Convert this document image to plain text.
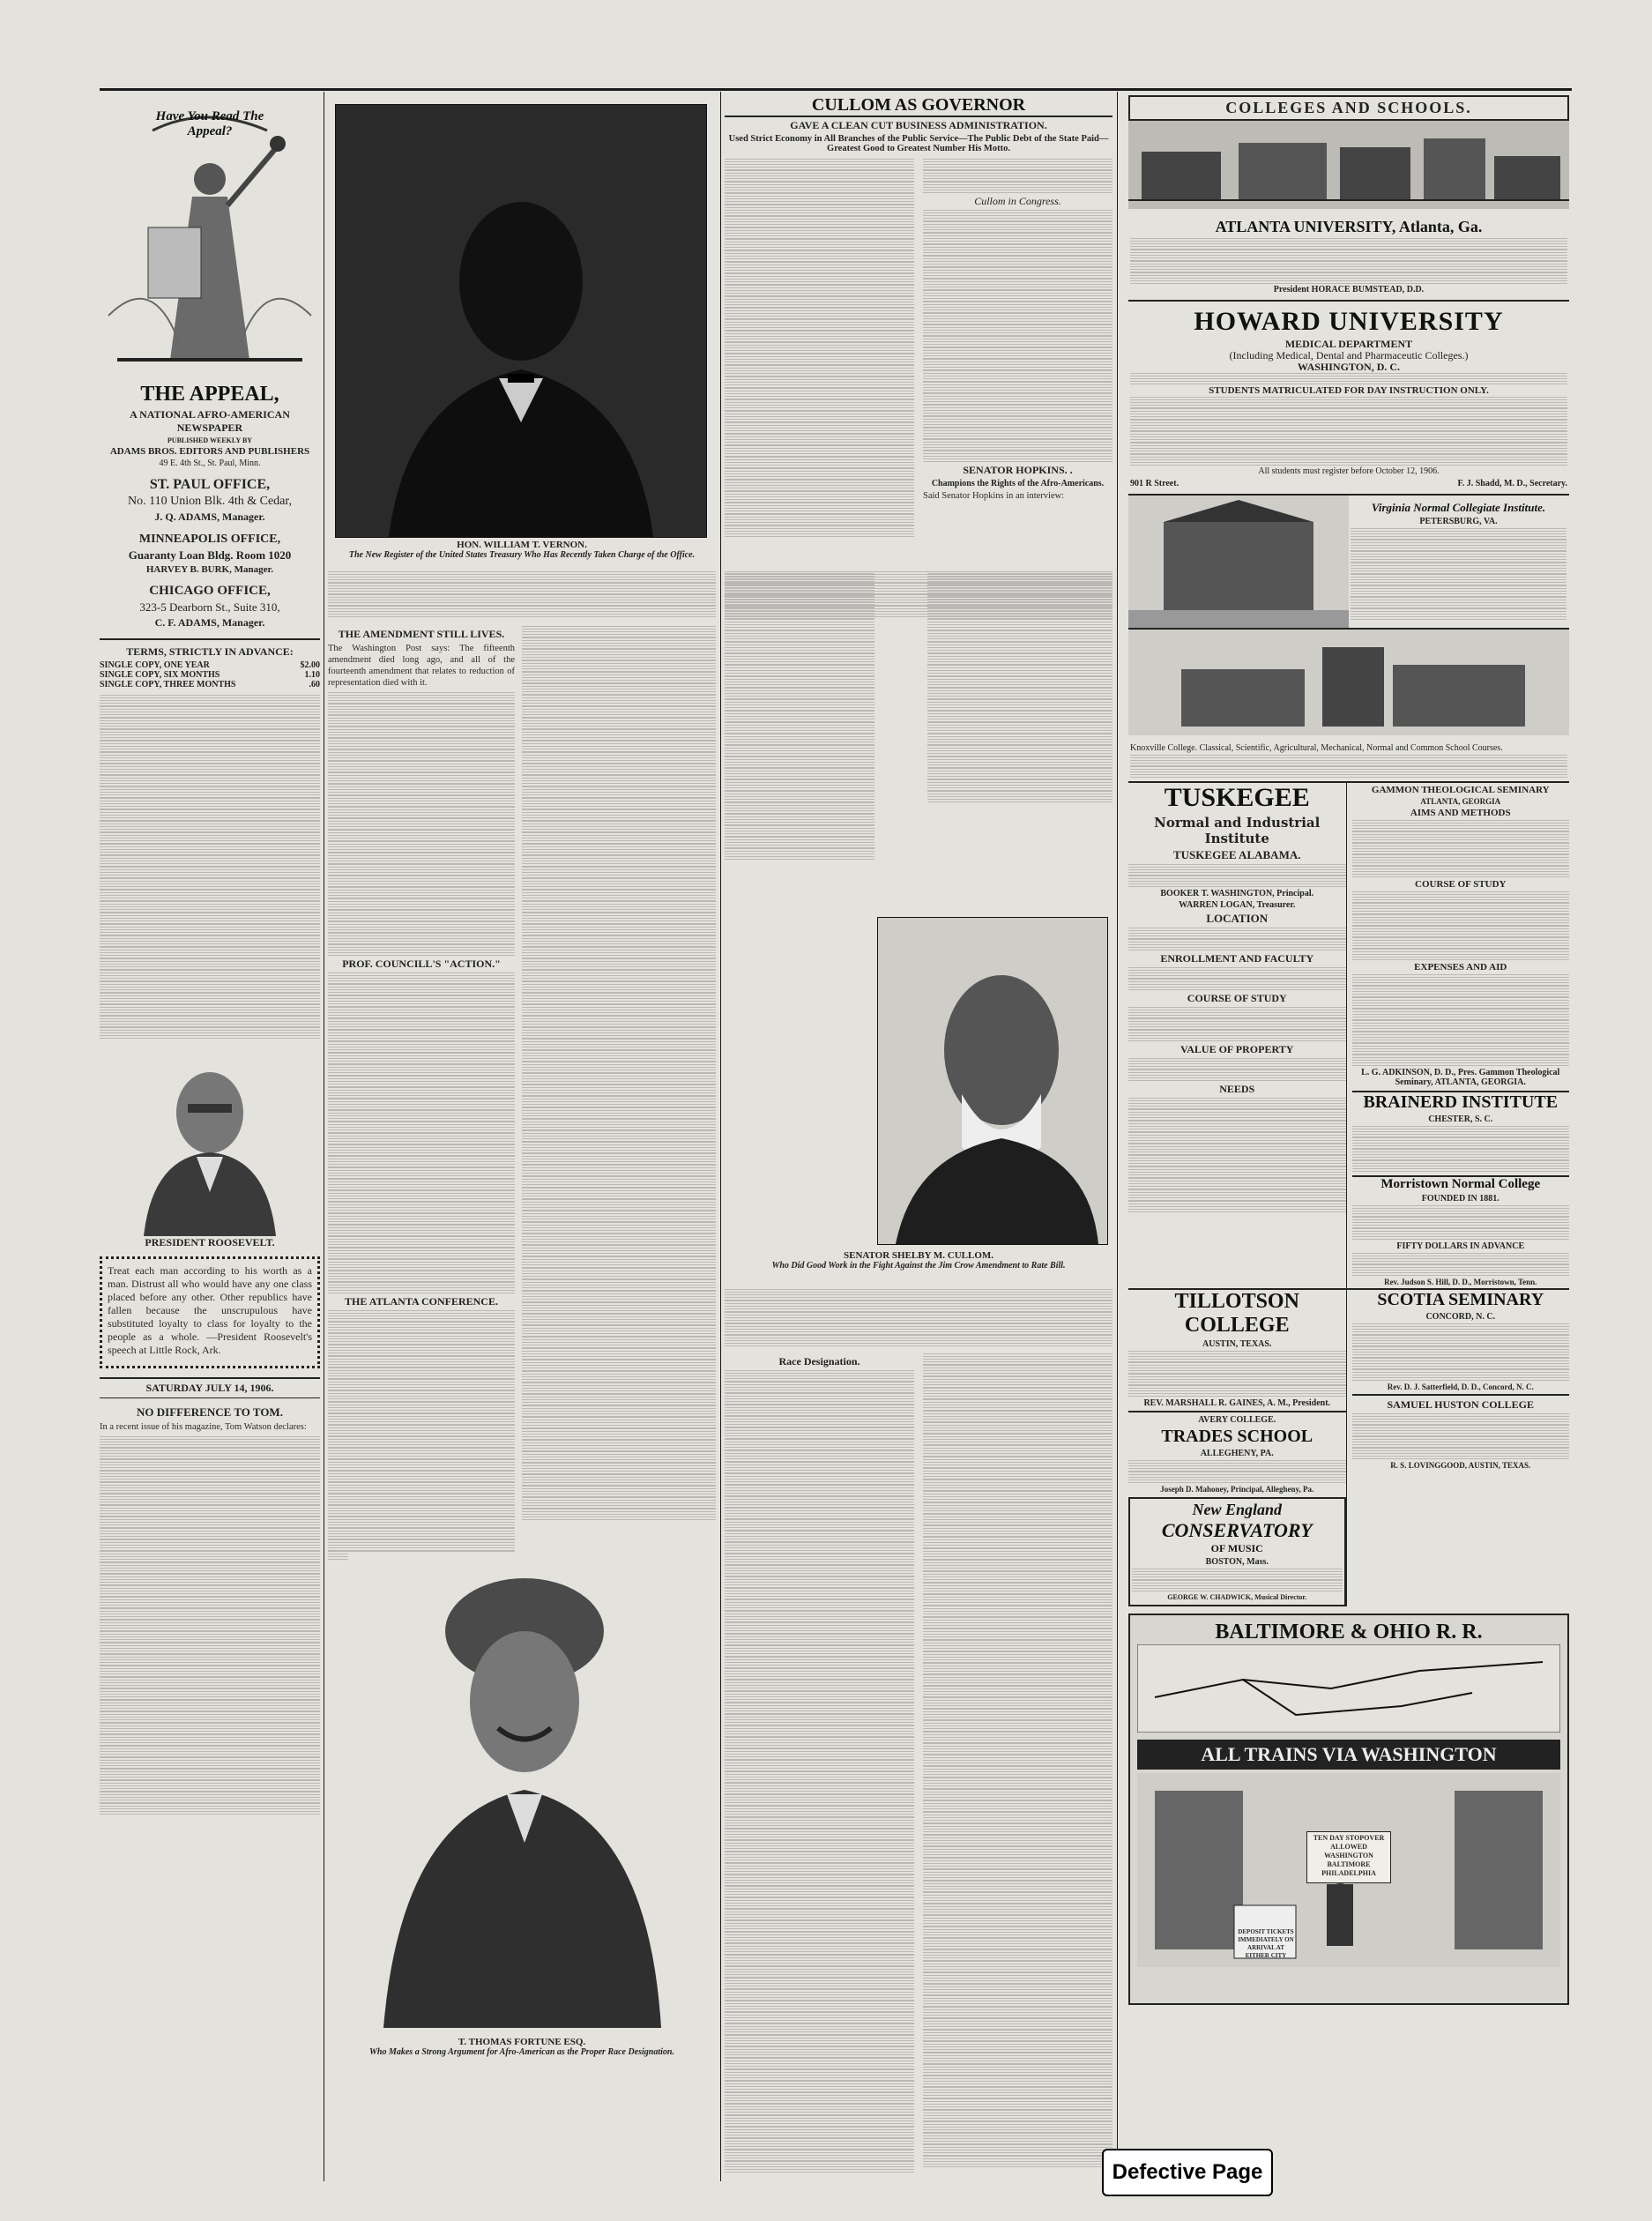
Have You Read The Appeal?
THE APPEAL,

A NATIONAL AFRO-AMERICAN NEWSPAPER

PUBLISHED WEEKLY BY

ADAMS BROS. EDITORS AND PUBLISHERS

49 E. 4th St., St. Paul, Minn.

ST. PAUL OFFICE,

No. 110 Union Blk. 4th & Cedar,

J. Q. ADAMS, Manager.

MINNEAPOLIS OFFICE,

Guaranty Loan Bldg. Room 1020

HARVEY B. BURK, Manager.

CHICAGO OFFICE,

323-5 Dearborn St., Suite 310,

C. F. ADAMS, Manager.

TERMS, STRICTLY IN ADVANCE:

SINGLE COPY, ONE YEAR	$2.00
SINGLE COPY, SIX MONTHS	1.10
SINGLE COPY, THREE MONTHS	.60

PRESIDENT ROOSEVELT.

Treat each man according to his worth as a man. Distrust all who would have any one class placed before any other. Other republics have fallen because the unscrupulous have substituted loyalty to class for loyalty to the people as a whole. —President Roosevelt's speech at Little Rock, Ark.

SATURDAY JULY 14, 1906.

NO DIFFERENCE TO TOM.

In a recent issue of his magazine, Tom Watson declares:

HON. WILLIAM T. VERNON.

The New Register of the United States Treasury Who Has Recently Taken Charge of the Office.

THE AMENDMENT STILL LIVES.

The Washington Post says: The fifteenth amendment died long ago, and all of the fourteenth amendment that relates to reduction of representation died with it.

PROF. COUNCILL'S "ACTION."

THE ATLANTA CONFERENCE.

T. THOMAS FORTUNE ESQ.

Who Makes a Strong Argument for Afro-American as the Proper Race Designation.

CULLOM AS GOVERNOR

GAVE A CLEAN CUT BUSINESS ADMINISTRATION.

Used Strict Economy in All Branches of the Public Service—The Public Debt of the State Paid—Greatest Good to Greatest Number His Motto.

Cullom in Congress.

SENATOR HOPKINS. .

Champions the Rights of the Afro-Americans.

Said Senator Hopkins in an interview:

SENATOR SHELBY M. CULLOM.

Who Did Good Work in the Fight Against the Jim Crow Amendment to Rate Bill.

Race Designation.

COLLEGES AND SCHOOLS.
ATLANTA UNIVERSITY, Atlanta, Ga.

President HORACE BUMSTEAD, D.D.

HOWARD UNIVERSITY

MEDICAL DEPARTMENT

(Including Medical, Dental and Pharmaceutic Colleges.)

WASHINGTON, D. C.

STUDENTS MATRICULATED FOR DAY INSTRUCTION ONLY.

All students must register before October 12, 1906.

901 R Street.	F. J. Shadd, M. D., Secretary.

Virginia Normal Collegiate Institute.

PETERSBURG, VA.

Knoxville College. Classical, Scientific, Agricultural, Mechanical, Normal and Common School Courses.

TUSKEGEE

Normal and Industrial Institute

TUSKEGEE ALABAMA.

BOOKER T. WASHINGTON, Principal.

WARREN LOGAN, Treasurer.

LOCATION

ENROLLMENT AND FACULTY

COURSE OF STUDY

VALUE OF PROPERTY

NEEDS

GAMMON THEOLOGICAL SEMINARY

ATLANTA, GEORGIA

AIMS AND METHODS

COURSE OF STUDY

EXPENSES AND AID

L. G. ADKINSON, D. D., Pres. Gammon Theological Seminary, ATLANTA, GEORGIA.

BRAINERD INSTITUTE

CHESTER, S. C.

Morristown Normal College

FOUNDED IN 1881.

FIFTY DOLLARS IN ADVANCE

Rev. Judson S. Hill, D. D., Morristown, Tenn.

TILLOTSON COLLEGE

AUSTIN, TEXAS.

REV. MARSHALL R. GAINES, A. M., President.

AVERY COLLEGE.

TRADES SCHOOL

ALLEGHENY, PA.

Joseph D. Mahoney, Principal, Allegheny, Pa.

New England

CONSERVATORY

OF MUSIC

BOSTON, Mass.

GEORGE W. CHADWICK, Musical Director.

SCOTIA SEMINARY

CONCORD, N. C.

Rev. D. J. Satterfield, D. D., Concord, N. C.

SAMUEL HUSTON COLLEGE

R. S. LOVINGGOOD, AUSTIN, TEXAS.

BALTIMORE & OHIO R. R.

ALL TRAINS VIA WASHINGTON

TEN DAY STOPOVER ALLOWED WASHINGTON BALTIMORE PHILADELPHIA

DEPOSIT TICKETS IMMEDIATELY ON ARRIVAL AT EITHER CITY

Defective Page
